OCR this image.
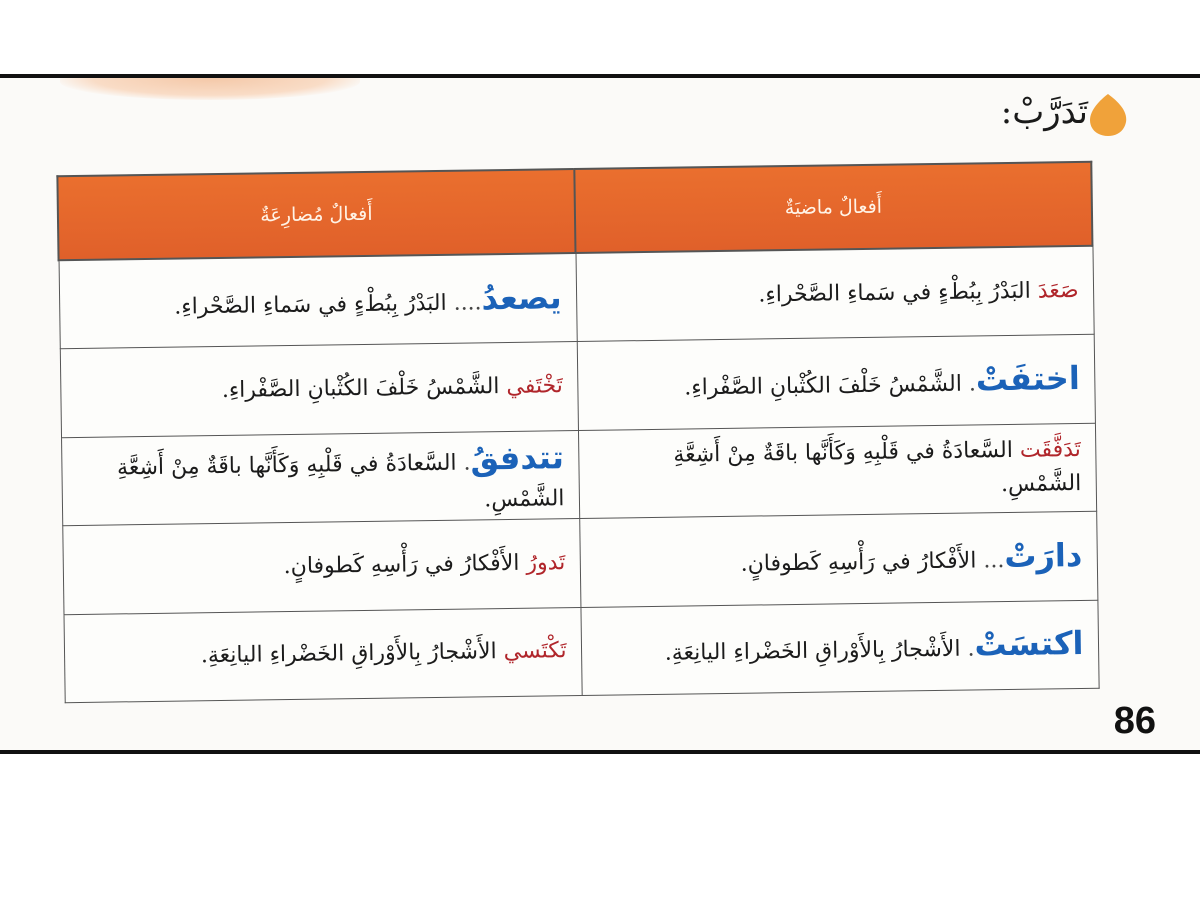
تَدَرَّبْ:
أَفعالٌ ماضيَةٌ	أَفعالٌ مُضارِعَةٌ
صَعَدَ البَدْرُ بِبُطْءٍ في سَماءِ الصَّحْراءِ.	يصعدُ.... البَدْرُ بِبُطْءٍ في سَماءِ الصَّحْراءِ.
اختفَتْ. الشَّمْسُ خَلْفَ الكُثْبانِ الصَّفْراءِ.	تَخْتَفي الشَّمْسُ خَلْفَ الكُثْبانِ الصَّفْراءِ.
تَدَفَّقَت السَّعادَةُ في قَلْبِهِ وَكَأَنَّها باقَةٌ مِنْ أَشِعَّةِ الشَّمْسِ.	تتدفقُ. السَّعادَةُ في قَلْبِهِ وَكَأَنَّها باقَةٌ مِنْ أَشِعَّةِ الشَّمْسِ.
دارَتْ... الأَفْكارُ في رَأْسِهِ كَطوفانٍ.	تَدورُ الأَفْكارُ في رَأْسِهِ كَطوفانٍ.
اكتسَتْ. الأَشْجارُ بِالأَوْراقِ الخَضْراءِ اليانِعَةِ.	تَكْتَسي الأَشْجارُ بِالأَوْراقِ الخَضْراءِ اليانِعَةِ.
86
